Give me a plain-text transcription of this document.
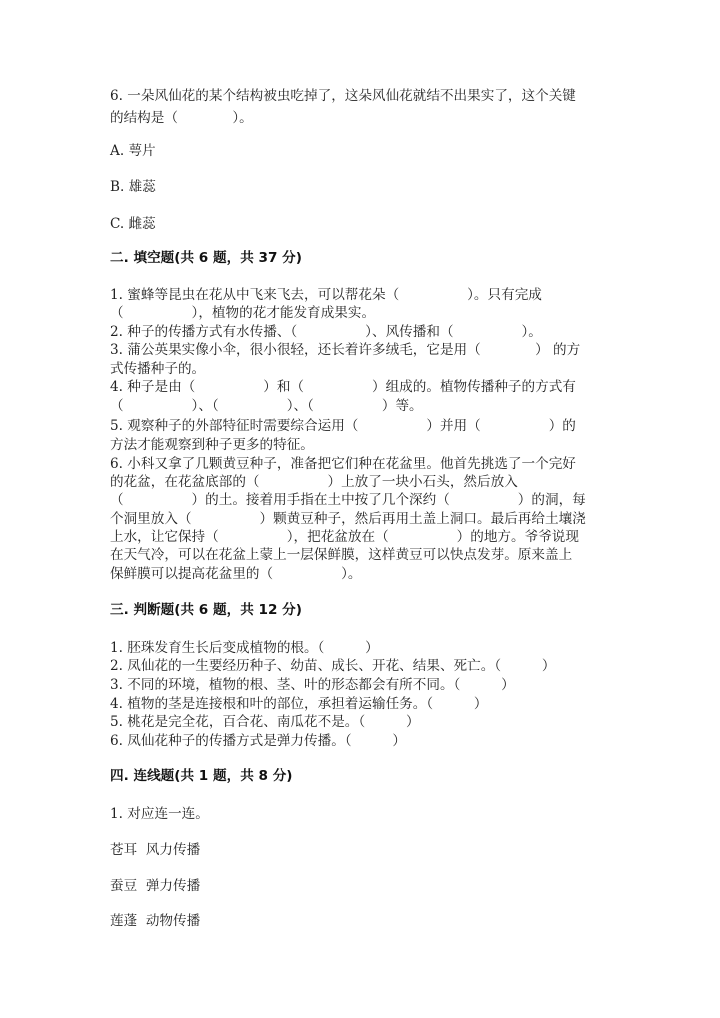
6. 一朵风仙花的某个结构被虫吃掉了，这朵风仙花就结不出果实了，这个关键
的结构是（　　　　）。
A. 萼片
B. 雄蕊
C. 雌蕊
二. 填空题(共 6 题，共 37 分)
1. 蜜蜂等昆虫在花从中飞来飞去，可以帮花朵（　　　　　）。只有完成
（　　　　　），植物的花才能发育成果实。
2. 种子的传播方式有水传播、（　　　　　）、风传播和（　　　　　）。
3. 蒲公英果实像小伞，很小很轻，还长着许多绒毛，它是用（　　　　） 的方
式传播种子的。
4. 种子是由（　　　　　）和（　　　　　）组成的。植物传播种子的方式有
（　　　　　）、（　　　　　）、（　　　　　）等。
5. 观察种子的外部特征时需要综合运用（　　　　　）并用（　　　　　）的
方法才能观察到种子更多的特征。
6. 小科又拿了几颗黄豆种子，准备把它们种在花盆里。他首先挑选了一个完好
的花盆，在花盆底部的（　　　　　）上放了一块小石头，然后放入
（　　　　　）的土。接着用手指在土中按了几个深约（　　　　　）的洞，每
个洞里放入（　　　　　）颗黄豆种子，然后再用土盖上洞口。最后再给土壤浇
上水，让它保持（　　　　　），把花盆放在（　　　　　）的地方。爷爷说现
在天气冷，可以在花盆上蒙上一层保鲜膜，这样黄豆可以快点发芽。原来盖上
保鲜膜可以提高花盆里的（　　　　　）。
三. 判断题(共 6 题，共 12 分)
1. 胚珠发育生长后变成植物的根。（　　　）
2. 凤仙花的一生要经历种子、幼苗、成长、开花、结果、死亡。（　　　）
3. 不同的环境，植物的根、茎、叶的形态都会有所不同。（　　　）
4. 植物的茎是连接根和叶的部位，承担着运输任务。（　　　）
5. 桃花是完全花，百合花、南瓜花不是。（　　　）
6. 凤仙花种子的传播方式是弹力传播。（　　　）
四. 连线题(共 1 题，共 8 分)
1. 对应连一连。
苍耳  风力传播
蚕豆  弹力传播
莲蓬  动物传播
